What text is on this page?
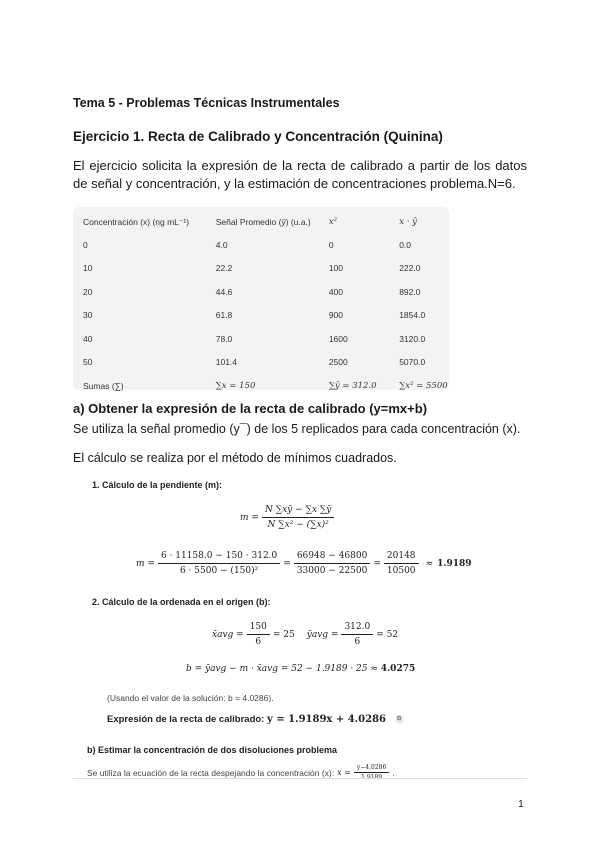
Tema 5 - Problemas Técnicas Instrumentales
Ejercicio 1. Recta de Calibrado y Concentración (Quinina)
El ejercicio solicita la expresión de la recta de calibrado a partir de los datos de señal y concentración, y la estimación de concentraciones problema.N=6.
Concentración (x) (ng mL⁻¹)	Señal Promedio (ȳ) (u.a.)	x²	x · ȳ
0	4.0	0	0.0
10	22.2	100	222.0
20	44.6	400	892.0
30	61.8	900	1854.0
40	78.0	1600	3120.0
50	101.4	2500	5070.0
Sumas (∑)	∑x = 150	∑ȳ = 312.0	∑x² = 5500
a) Obtener la expresión de la recta de calibrado (y=mx+b)
Se utiliza la señal promedio (y¯) de los 5 replicados para cada concentración (x).
El cálculo se realiza por el método de mínimos cuadrados.
1. Cálculo de la pendiente (m):
$m = \frac{N \sum xȳ - \sum x \sum ȳ}{\text{N ∑x² − (∑x)²}}$
$m = \frac{6 \cdot 11158.0 - 150 \cdot 312.0}{\text{6 · 5500 − (150)²}} = \frac{66948 - 46800}{33000 - 22500} = \frac{20148}{10500} \approx 1.9189$
2. Cálculo de la ordenada en el origen (b):
x̄avg = $\frac{150}{6} = 25$ ȳavg = $\frac{312.0}{6} = 52$
b = ȳavg − m · x̄avg = 52 − 1.9189 · 25 ≈ 4.0275
(Usando el valor de la solución: b = 4.0286).
Expresión de la recta de calibrado: y = 1.9189x + 4.0286 ⧉
b) Estimar la concentración de dos disoluciones problema
Se utiliza la ecuación de la recta despejando la concentración (x): x =
y−4.0286 .
1
